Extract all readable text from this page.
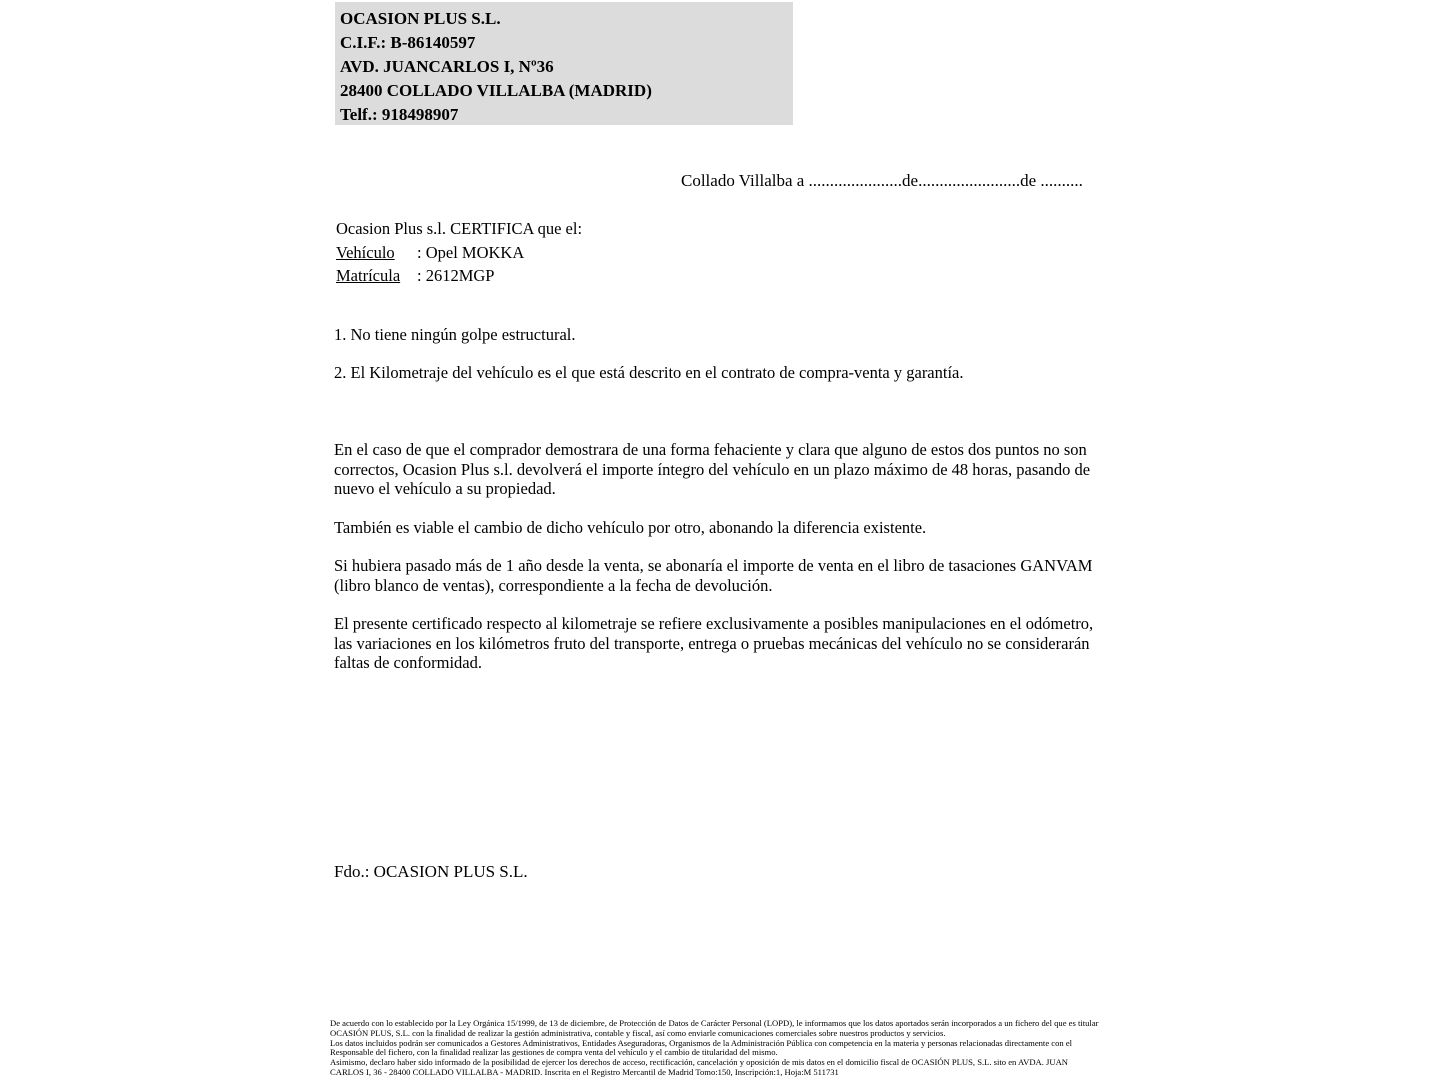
OCASION PLUS S.L.
C.I.F.: B-86140597
AVD. JUANCARLOS I, Nº36
28400 COLLADO VILLALBA (MADRID)
Telf.: 918498907
Collado Villalba a ......................de........................de ..........
Ocasion Plus s.l. CERTIFICA que el:
Vehículo : Opel MOKKA
Matrícula : 2612MGP
1. No tiene ningún golpe estructural.
2. El Kilometraje del vehículo es el que está descrito en el contrato de compra-venta y garantía.

En el caso de que el comprador demostrara de una forma fehaciente y clara que alguno de estos dos puntos no son correctos, Ocasion Plus s.l. devolverá el importe íntegro del vehículo en un plazo máximo de 48 horas, pasando de nuevo el vehículo a su propiedad.

También es viable el cambio de dicho vehículo por otro, abonando la diferencia existente.

Si hubiera pasado más de 1 año desde la venta, se abonaría el importe de venta en el libro de tasaciones GANVAM (libro blanco de ventas), correspondiente a la fecha de devolución.

El presente certificado respecto al kilometraje se refiere exclusivamente a posibles manipulaciones en el odómetro, las variaciones en los kilómetros fruto del transporte, entrega o pruebas mecánicas del vehículo no se considerarán faltas de conformidad.

Fdo.: OCASION PLUS S.L.
De acuerdo con lo establecido por la Ley Orgánica 15/1999, de 13 de diciembre, de Protección de Datos de Carácter Personal (LOPD), le informamos que los datos aportados serán incorporados a un fichero del que es titular
OCASIÓN PLUS, S.L. con la finalidad de realizar la gestión administrativa, contable y fiscal, así como enviarle comunicaciones comerciales sobre nuestros productos y servicios.
Los datos incluidos podrán ser comunicados a Gestores Administrativos, Entidades Aseguradoras, Organismos de la Administración Pública con competencia en la materia y personas relacionadas directamente con el
Responsable del fichero, con la finalidad realizar las gestiones de compra venta del vehículo y el cambio de titularidad del mismo.
Asimismo, declaro haber sido informado de la posibilidad de ejercer los derechos de acceso, rectificación, cancelación y oposición de mis datos en el domicilio fiscal de OCASIÓN PLUS, S.L. sito en AVDA. JUAN
CARLOS I, 36 - 28400 COLLADO VILLALBA - MADRID. Inscrita en el Registro Mercantil de Madrid Tomo:150, Inscripción:1, Hoja:M 511731
